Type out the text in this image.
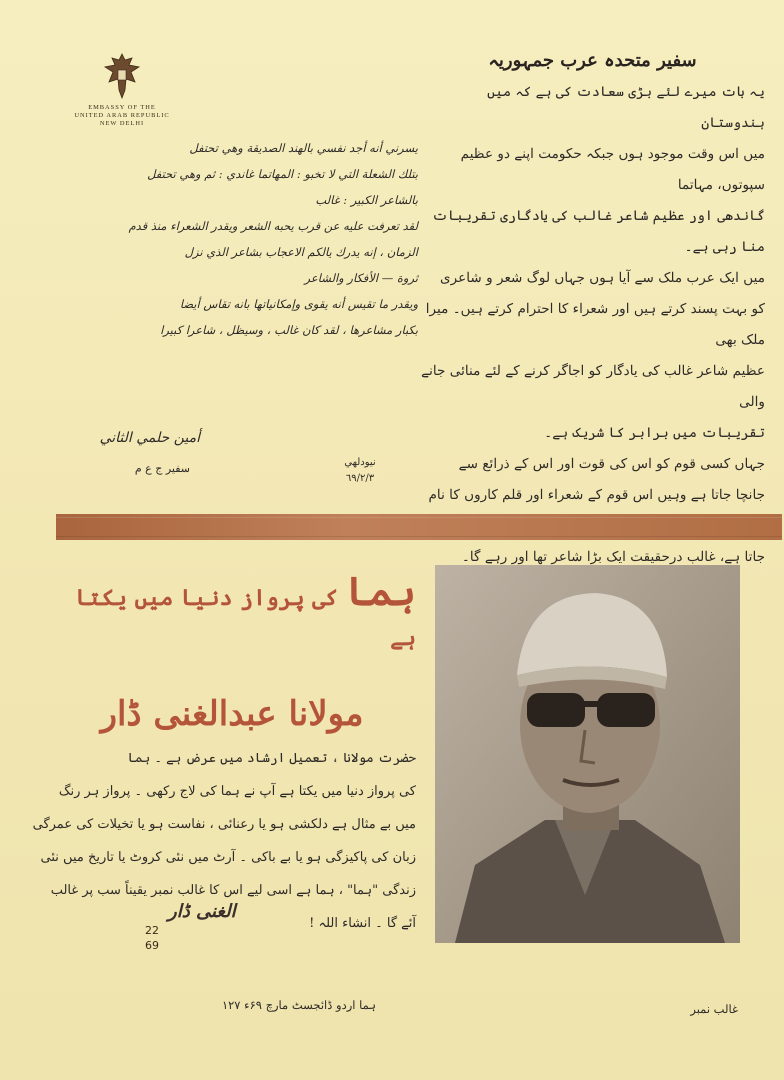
EMBASSY OF THE
UNITED ARAB REPUBLIC
NEW DELHI

يسرني أنه أجد نفسي بالهند الصديقة وهي تحتفل

بتلك الشعلة التي لا تخبو : المهاتما غاندي : ثم وهي تحتفل

بالشاعر الكبير : غالب

لقد تعرفت عليه عن قرب يحبه الشعر ويقدر الشعراء منذ قدم

الزمان ، إنه يدرك يالكم الاعجاب بشاعر الذي نزل

ثروة — الأفكار والشاعر

ويقدر ما تقيس أنه يقوى وإمكانياتها بانه تقاس أيضا

بكبار مشاعرها ، لقد كان غالب ، وسيظل ، شاعرا كبيرا

أمين حلمي الثاني
سفير ج ع م	نيودلهي
٦٩/٢/٣
سفیر متحدہ عرب جمہوریہ

یہ بات میرے لئے بڑی سعادت کی ہے کہ میں ہندوستان

میں اس وقت موجود ہوں جبکہ حکومت اپنے دو عظیم سپوتوں، مہاتما

گاندھی اور عظیم شاعر غالب کی یادگاری تقریبات منا رہی ہے۔

میں ایک عرب ملک سے آیا ہوں جہاں لوگ شعر و شاعری

کو بہت پسند کرتے ہیں اور شعراء کا احترام کرتے ہیں۔ میرا ملک بھی

عظیم شاعر غالب کی یادگار کو اجاگر کرنے کے لئے منائی جانے والی

تقریبات میں برابر کا شریک ہے۔

جہاں کسی قوم کو اس کی قوت اور اس کے ذرائع سے

جانچا جاتا ہے وہیں اس قوم کے شعراء اور قلم کاروں کا نام

جاتا ہے، غالب درحقیقت ایک بڑا شاعر تھا اور رہے گا۔

ہما کی پرواز دنیا میں یکتا ہے
مولانا عبدالغنی ڈار

حضرت مولانا ، تعمیل ارشاد میں عرض ہے ۔ ہما

کی پرواز دنیا میں یکتا ہے آپ نے ہما کی لاج رکھی ۔ پرواز ہر رنگ

میں بے مثال ہے دلکشی ہو یا رعنائی ، نفاست ہو یا تخیلات کی عمرگی

زبان کی پاکیزگی ہو یا بے باکی ۔ آرٹ میں نئی کروٹ یا تاریخ میں نئی

زندگی "ہما" ، ہما ہے اسی لیے اس کا غالب نمبر یقیناً سب پر غالب

آئے گا ۔ انشاء اللہ !

الغنی ڈار
22
69
ہما اردو ڈائجسٹ مارچ ۶۹ء ۱۲۷	غالب نمبر
